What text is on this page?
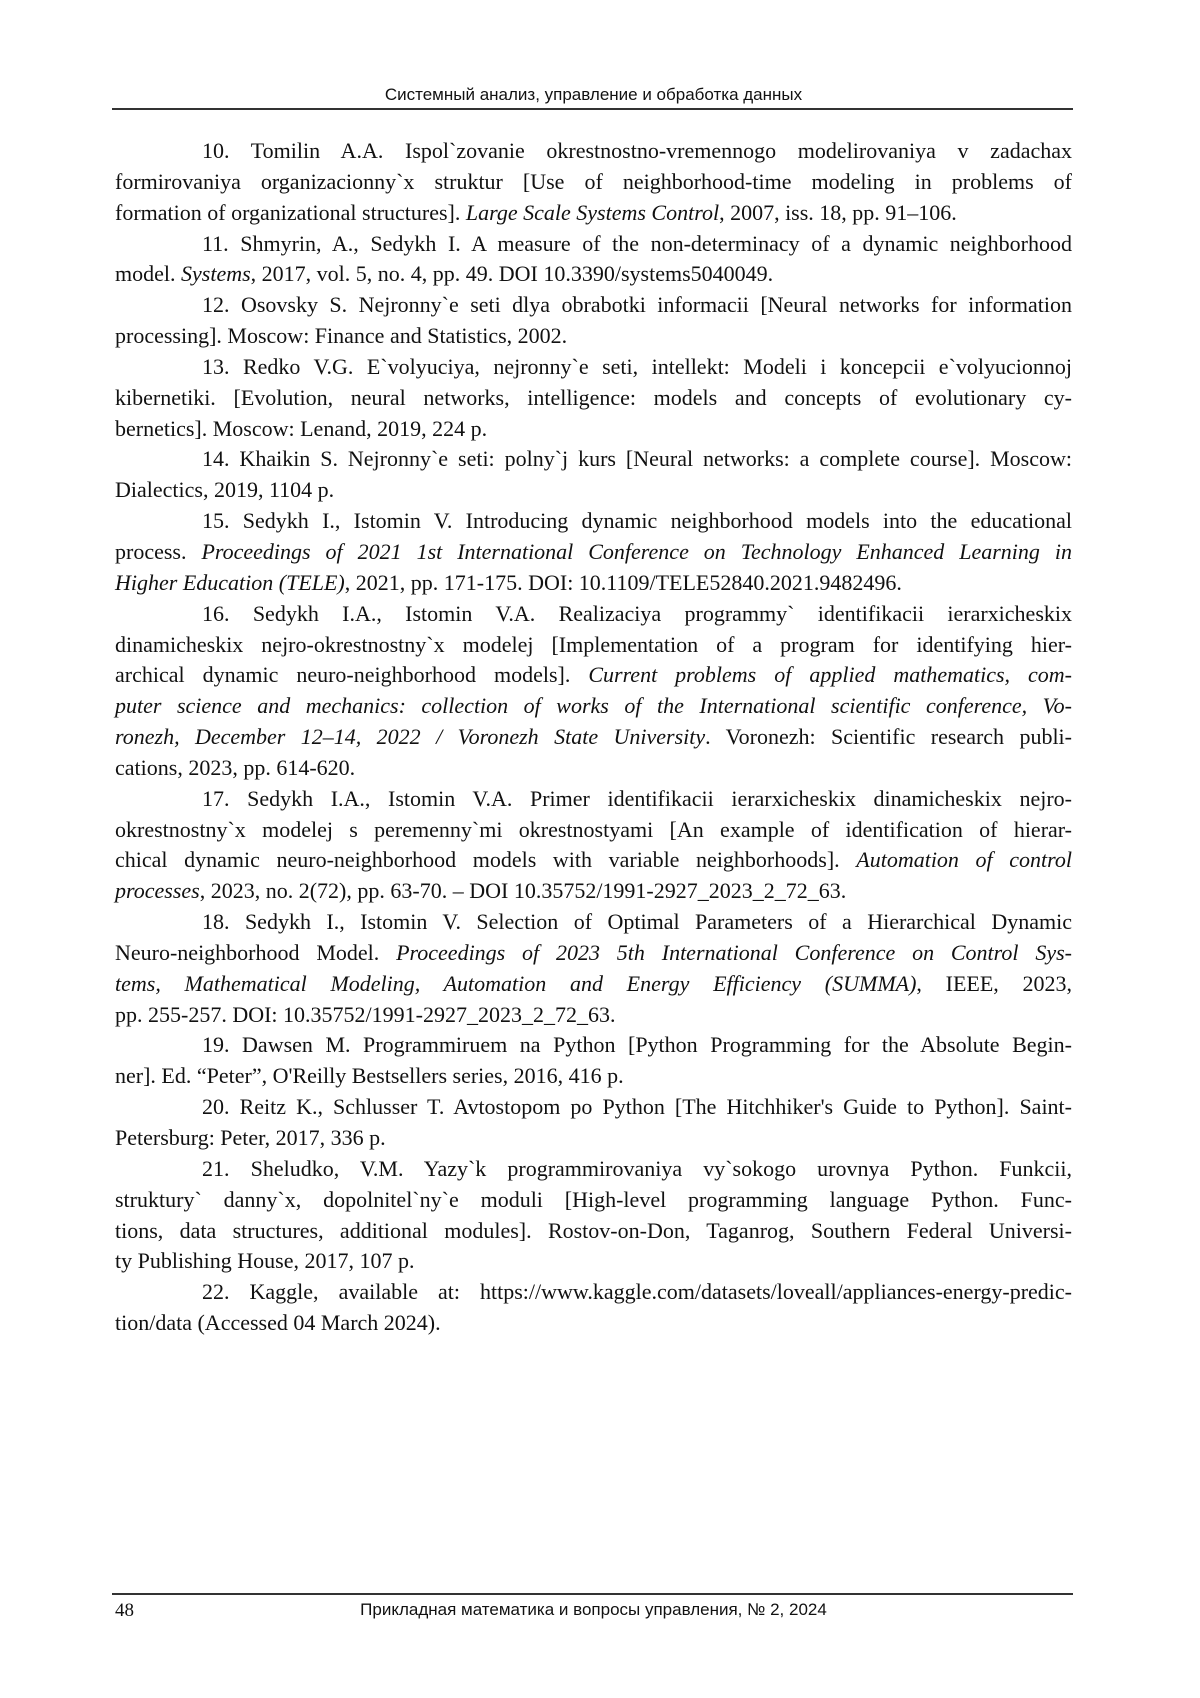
Системный анализ, управление и обработка данных
10. Tomilin A.A. Ispol`zovanie okrestnostno-vremennogo modelirovaniya v zadachax
formirovaniya organizacionny`x struktur [Use of neighborhood-time modeling in problems of
formation of organizational structures]. Large Scale Systems Control, 2007, iss. 18, pp. 91–106.
11. Shmyrin, A., Sedykh I. A measure of the non-determinacy of a dynamic neighborhood
model. Systems, 2017, vol. 5, no. 4, pp. 49. DOI 10.3390/systems5040049.
12. Osovsky S. Nejronny`e seti dlya obrabotki informacii [Neural networks for information
processing]. Moscow: Finance and Statistics, 2002.
13. Redko V.G. E`volyuciya, nejronny`e seti, intellekt: Modeli i koncepcii e`volyucionnoj
kibernetiki. [Evolution, neural networks, intelligence: models and concepts of evolutionary cy-
bernetics]. Moscow: Lenand, 2019, 224 p.
14. Khaikin S. Nejronny`e seti: polny`j kurs [Neural networks: a complete course]. Moscow:
Dialectics, 2019, 1104 p.
15. Sedykh I., Istomin V. Introducing dynamic neighborhood models into the educational
process. Proceedings of 2021 1st International Conference on Technology Enhanced Learning in
Higher Education (TELE), 2021, pp. 171-175. DOI: 10.1109/TELE52840.2021.9482496.
16. Sedykh I.A., Istomin V.A. Realizaciya programmy` identifikacii ierarxicheskix
dinamicheskix nejro-okrestnostny`x modelej [Implementation of a program for identifying hier-
archical dynamic neuro-neighborhood models]. Current problems of applied mathematics, com-
puter science and mechanics: collection of works of the International scientific conference, Vo-
ronezh, December 12–14, 2022 / Voronezh State University. Voronezh: Scientific research publi-
cations, 2023, pp. 614-620.
17. Sedykh I.A., Istomin V.A. Primer identifikacii ierarxicheskix dinamicheskix nejro-
okrestnostny`x modelej s peremenny`mi okrestnostyami [An example of identification of hierar-
chical dynamic neuro-neighborhood models with variable neighborhoods]. Automation of control
processes, 2023, no. 2(72), pp. 63-70. – DOI 10.35752/1991-2927_2023_2_72_63.
18. Sedykh I., Istomin V. Selection of Optimal Parameters of a Hierarchical Dynamic
Neuro-neighborhood Model. Proceedings of 2023 5th International Conference on Control Sys-
tems, Mathematical Modeling, Automation and Energy Efficiency (SUMMA), IEEE, 2023,
pp. 255-257. DOI: 10.35752/1991-2927_2023_2_72_63.
19. Dawsen M. Programmiruem na Python [Python Programming for the Absolute Begin-
ner]. Ed. “Peter”, O'Reilly Bestsellers series, 2016, 416 p.
20. Reitz K., Schlusser T. Avtostopom po Python [The Hitchhiker's Guide to Python]. Saint-
Petersburg: Peter, 2017, 336 p.
21. Sheludko, V.M. Yazy`k programmirovaniya vy`sokogo urovnya Python. Funkcii,
struktury` danny`x, dopolnitel`ny`e moduli [High-level programming language Python. Func-
tions, data structures, additional modules]. Rostov-on-Don, Taganrog, Southern Federal Universi-
ty Publishing House, 2017, 107 p.
22. Kaggle, available at: https://www.kaggle.com/datasets/loveall/appliances-energy-predic-
tion/data (Accessed 04 March 2024).
48	Прикладная математика и вопросы управления, № 2, 2024
